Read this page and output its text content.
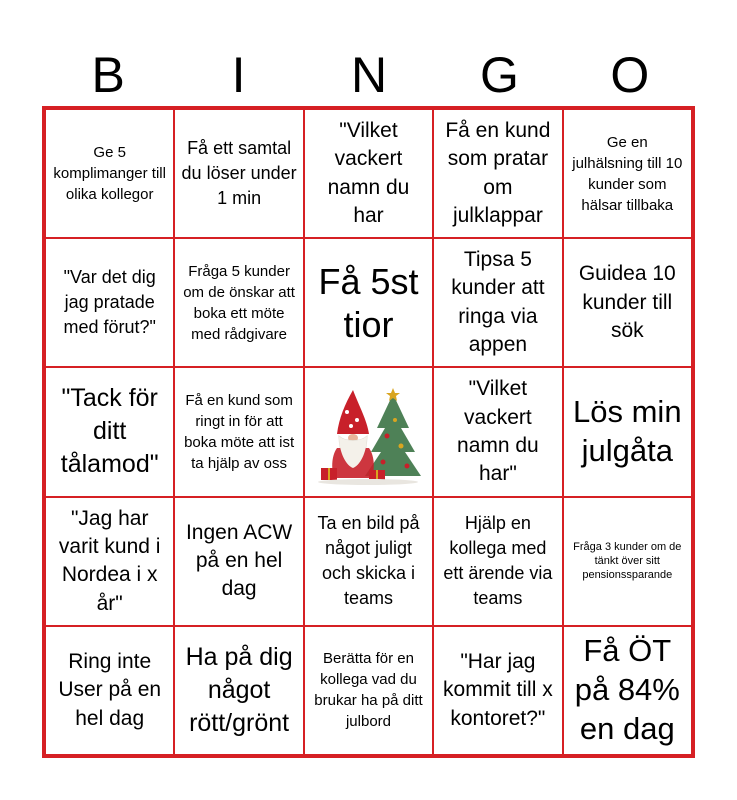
B	I	N	G	O
Ge 5 komplimanger till olika kollegor
Få ett samtal du löser under 1 min
"Vilket vackert namn du har
Få en kund som pratar om julklappar
Ge en julhälsning till 10 kunder som hälsar tillbaka
"Var det dig jag pratade med förut?"
Fråga 5 kunder om de önskar att boka ett möte med rådgivare
Få 5st tior
Tipsa 5 kunder att ringa via appen
Guidea 10 kunder till sök
"Tack för ditt tålamod"
Få en kund som ringt in för att boka möte att ist ta hjälp av oss
"Vilket vackert namn du har"
Lös min julgåta
"Jag har varit kund i Nordea i x år"
Ingen ACW på en hel dag
Ta en bild på något juligt och skicka i teams
Hjälp en kollega med ett ärende via teams
Fråga 3 kunder om de tänkt över sitt pensionssparande
Ring inte User på en hel dag
Ha på dig något rött/grönt
Berätta för en kollega vad du brukar ha på ditt julbord
"Har jag kommit till x kontoret?"
Få ÖT på 84% en dag
